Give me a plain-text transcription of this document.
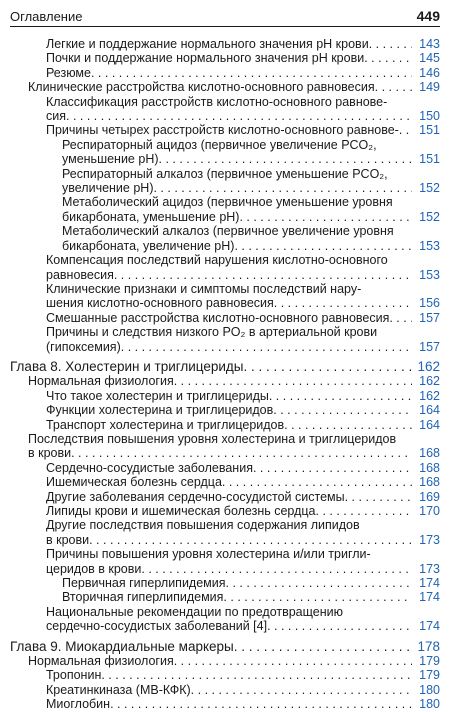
Оглавление	449
Легкие и поддержание нормального значения pH крови . . .	143
Почки и поддержание нормального значения pH крови . . .	145
Резюме . . .	146
Клинические расстройства кислотно-основного равновесия . . .	149
Классификация расстройств кислотно-основного равнове-
сия . . .	150
Причины четырех расстройств кислотно-основного равнове- . . .	151
Респираторный ацидоз (первичное увеличение PCO₂,
уменьшение pH) . . .	151
Респираторный алкалоз (первичное уменьшение PCO₂,
увеличение pH) . . .	152
Метаболический ацидоз (первичное уменьшение уровня
бикарбоната, уменьшение pH) . . .	152
Метаболический алкалоз (первичное увеличение уровня
бикарбоната, увеличение pH) . . .	153
Компенсация последствий нарушения кислотно-основного
равновесия . . .	153
Клинические признаки и симптомы последствий нару-
шения кислотно-основного равновесия . . .	156
Смешанные расстройства кислотно-основного равновесия . . .	157
Причины и следствия низкого PO₂ в артериальной крови
(гипоксемия) . . .	157
Глава 8. Холестерин и триглицериды . . .	162
Нормальная физиология . . .	162
Что такое холестерин и триглицериды . . .	162
Функции холестерина и триглицеридов . . .	164
Транспорт холестерина и триглицеридов . . .	164
Последствия повышения уровня холестерина и триглицеридов
в крови . . .	168
Сердечно-сосудистые заболевания . . .	168
Ишемическая болезнь сердца . . .	168
Другие заболевания сердечно-сосудистой системы . . .	169
Липиды крови и ишемическая болезнь сердца . . .	170
Другие последствия повышения содержания липидов
в крови . . .	173
Причины повышения уровня холестерина и/или тригли-
церидов в крови . . .	173
Первичная гиперлипидемия . . .	174
Вторичная гиперлипидемия . . .	174
Национальные рекомендации по предотвращению
сердечно-сосудистых заболеваний [4] . . .	174
Глава 9. Миокардиальные маркеры . . .	178
Нормальная физиология . . .	179
Тропонин . . .	179
Креатинкиназа (МВ-КФК) . . .	180
Миоглобин . . .	180
